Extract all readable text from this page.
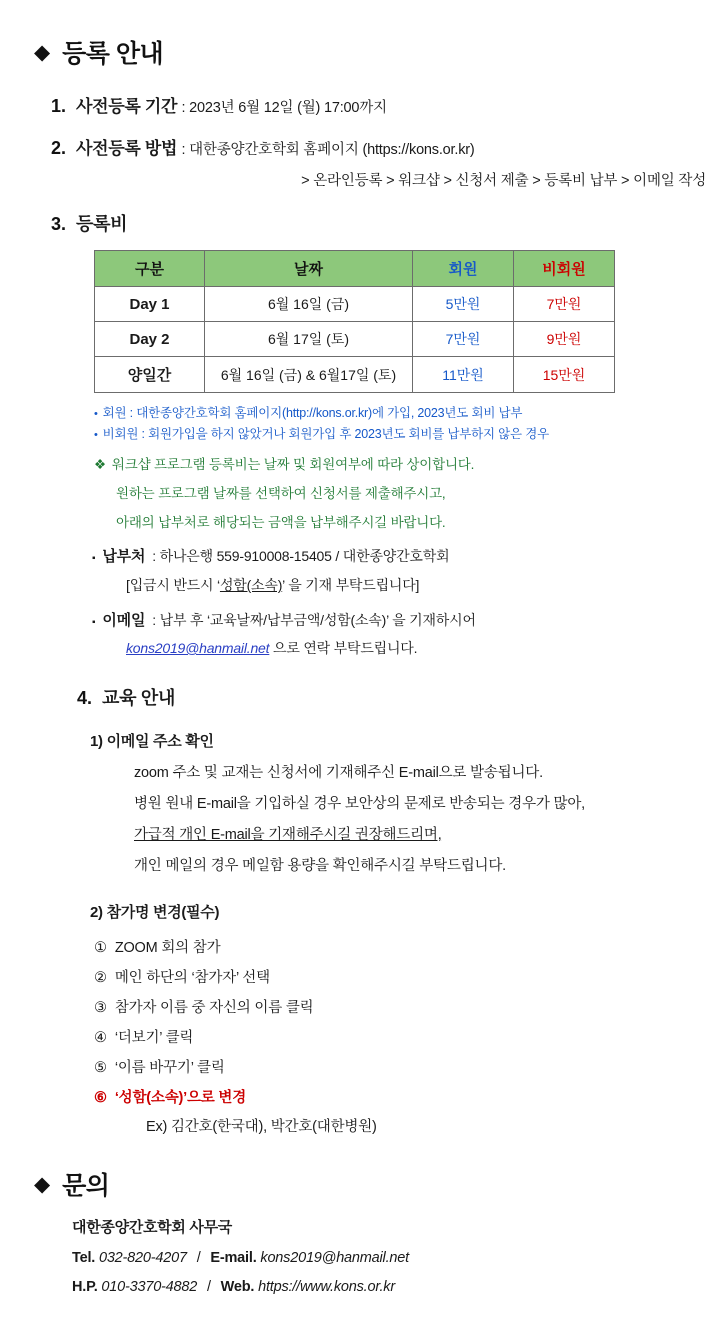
◆ 등록 안내
1. 사전등록 기간 : 2023년 6월 12일 (월) 17:00까지
2. 사전등록 방법 : 대한종양간호학회 홈페이지 (https://kons.or.kr)
> 온라인등록 > 워크샵 > 신청서 제출 > 등록비 납부 > 이메일 작성
3. 등록비
구분	날짜	회원	비회원
Day 1	6월 16일 (금)	5만원	7만원
Day 2	6월 17일 (토)	7만원	9만원
양일간	6월 16일 (금) & 6월17일 (토)	11만원	15만원
• 회원 : 대한종양간호학회 홈페이지(http://kons.or.kr)에 가입, 2023년도 회비 납부
• 비회원 : 회원가입을 하지 않았거나 회원가입 후 2023년도 회비를 납부하지 않은 경우
❖ 워크샵 프로그램 등록비는 날짜 및 회원여부에 따라 상이합니다.
원하는 프로그램 날짜를 선택하여 신청서를 제출해주시고,
아래의 납부처로 해당되는 금액을 납부해주시길 바랍니다.
▪ 납부처 : 하나은행 559-910008-15405 / 대한종양간호학회
[입금시 반드시 ‘성함(소속)’ 을 기재 부탁드립니다]
▪ 이메일 : 납부 후 ‘교육날짜/납부금액/성함(소속)’ 을 기재하시어
kons2019@hanmail.net 으로 연락 부탁드립니다.
4. 교육 안내
1) 이메일 주소 확인
zoom 주소 및 교재는 신청서에 기재해주신 E-mail으로 발송됩니다.
병원 원내 E-mail을 기입하실 경우 보안상의 문제로 반송되는 경우가 많아,
가급적 개인 E-mail을 기재해주시길 권장해드리며,
개인 메일의 경우 메일함 용량을 확인해주시길 부탁드립니다.
2) 참가명 변경(필수)
① ZOOM 회의 참가
② 메인 하단의 ‘참가자’ 선택
③ 참가자 이름 중 자신의 이름 클릭
④ ‘더보기’ 클릭
⑤ ‘이름 바꾸기’ 클릭
⑥ ‘성함(소속)’으로 변경
Ex) 김간호(한국대), 박간호(대한병원)
◆ 문의
대한종양간호학회 사무국
Tel. 032-820-4207 / E-mail. kons2019@hanmail.net
H.P. 010-3370-4882 / Web. https://www.kons.or.kr
